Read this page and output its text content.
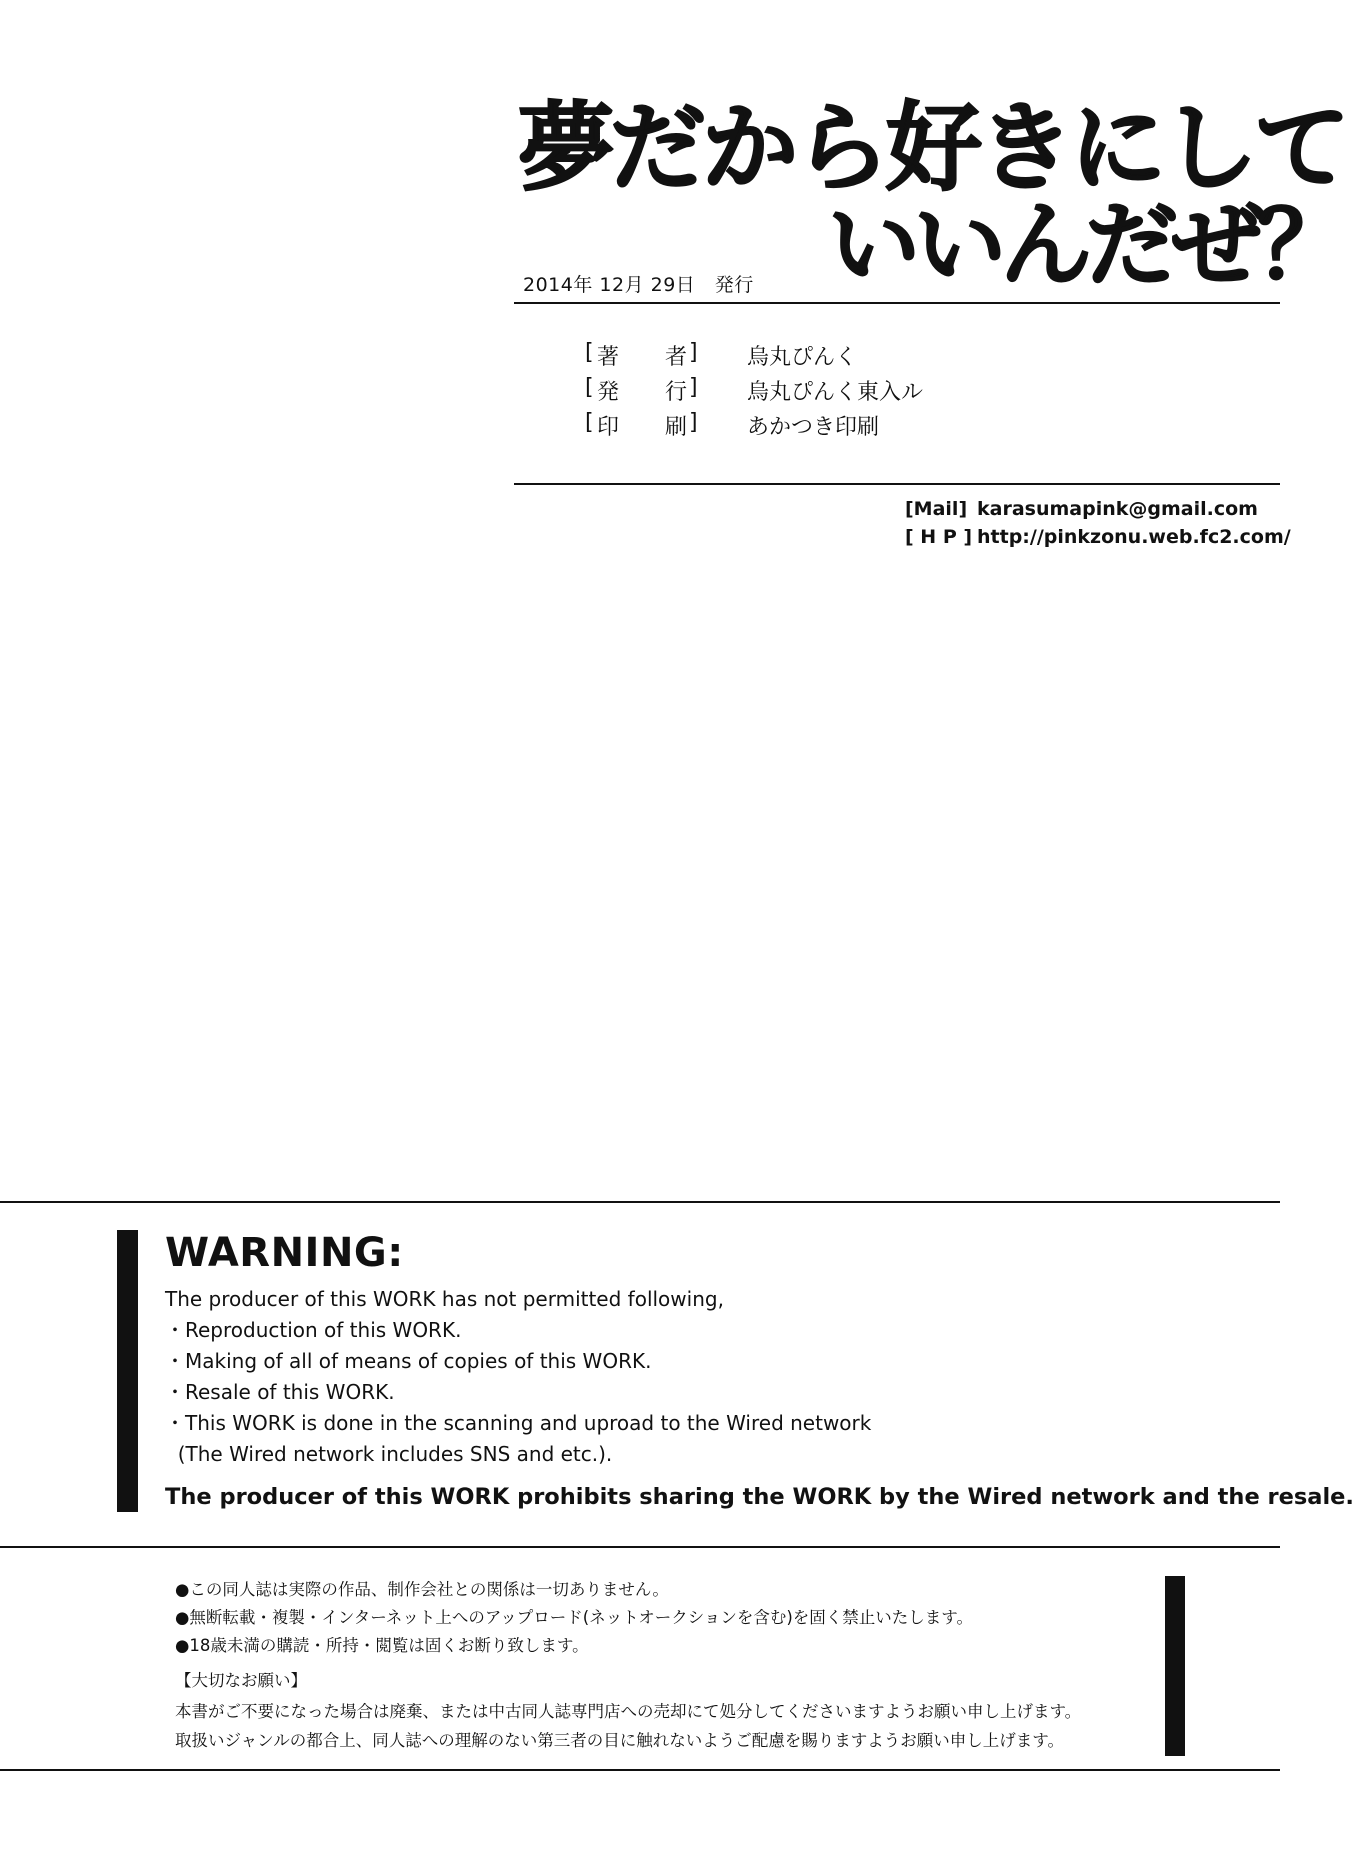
夢だから好きにして
いいんだぜ？
2014年 12月 29日　発行
[ 著 者 ] 烏丸ぴんく
[ 発 行 ] 烏丸ぴんく東入ル
[ 印 刷 ] あかつき印刷
[Mail] karasumapink@gmail.com
[ H P ] http://pinkzonu.web.fc2.com/
WARNING:
The producer of this WORK has not permitted following,
・Reproduction of this WORK.
・Making of all of means of copies of this WORK.
・Resale of this WORK.
・This WORK is done in the scanning and uproad to the Wired network
(The Wired network includes SNS and etc.).
The producer of this WORK prohibits sharing the WORK by the Wired network and the resale.
●この同人誌は実際の作品、制作会社との関係は一切ありません。
●無断転載・複製・インターネット上へのアップロード(ネットオークションを含む)を固く禁止いたします。
●18歳未満の購読・所持・閲覧は固くお断り致します。
【大切なお願い】
本書がご不要になった場合は廃棄、または中古同人誌専門店への売却にて処分してくださいますようお願い申し上げます。
取扱いジャンルの都合上、同人誌への理解のない第三者の目に触れないようご配慮を賜りますようお願い申し上げます。
